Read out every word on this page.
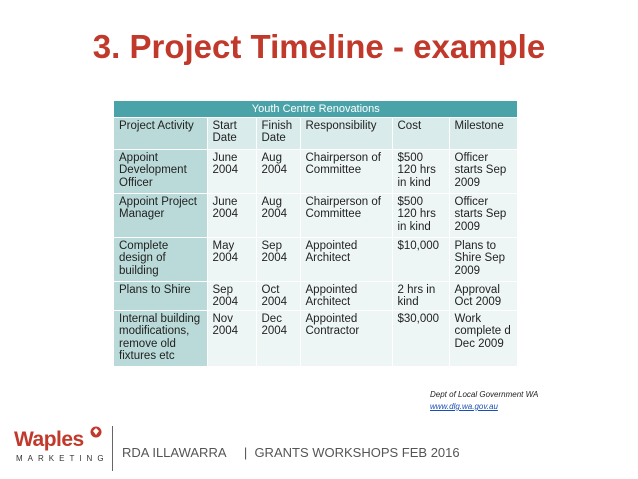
3. Project Timeline - example
Youth Centre Renovations					
Project Activity	Start Date	Finish Date	Responsibility	Cost	Milestone
Appoint Development Officer	June 2004	Aug 2004	Chairperson of Committee	$500 120 hrs in kind	Officer starts Sep 2009
Appoint Project Manager	June 2004	Aug 2004	Chairperson of Committee	$500 120 hrs in kind	Officer starts Sep 2009
Complete design of building	May 2004	Sep 2004	Appointed Architect	$10,000	Plans to Shire Sep 2009
Plans to Shire	Sep 2004	Oct 2004	Appointed Architect	2 hrs in kind	Approval Oct 2009
Internal building modifications, remove old fixtures etc	Nov 2004	Dec 2004	Appointed Contractor	$30,000	Work complete d Dec 2009
Dept of Local Government WA
www.dlg.wa.gov.au
Waples
MARKETING RDA ILLAWARRA     |  GRANTS WORKSHOPS FEB 2016
